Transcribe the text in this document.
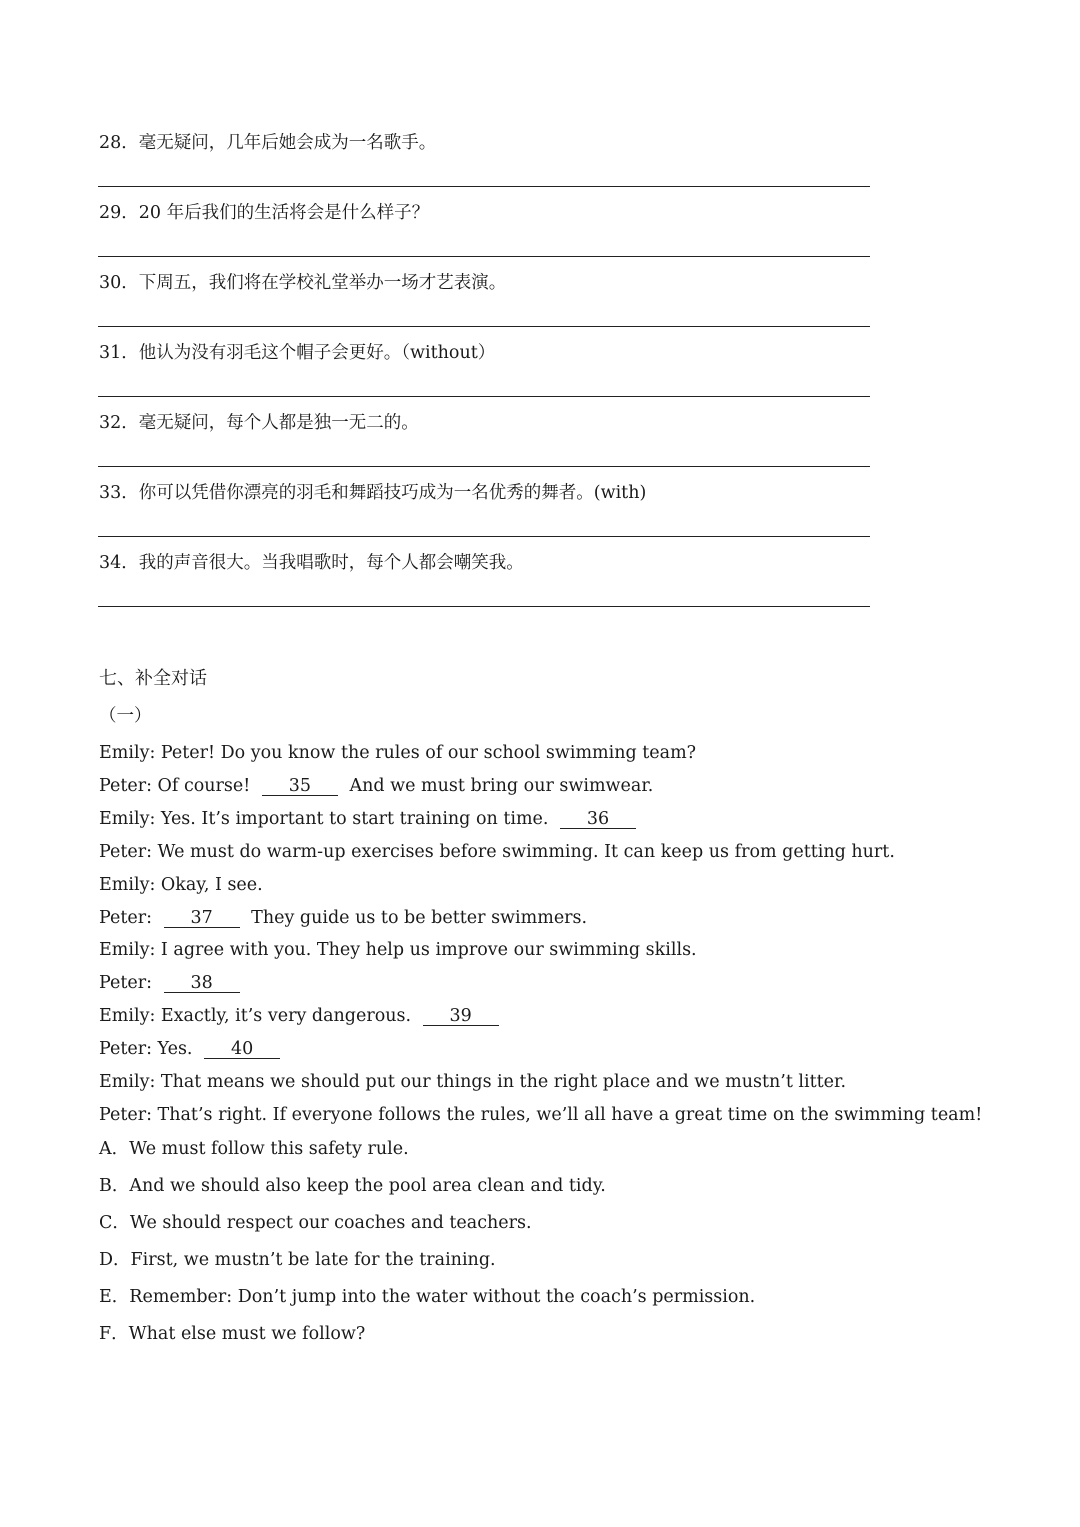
28．毫无疑问，几年后她会成为一名歌手。
29．20 年后我们的生活将会是什么样子？
30．下周五，我们将在学校礼堂举办一场才艺表演。
31．他认为没有羽毛这个帽子会更好。（without）
32．毫无疑问，每个人都是独一无二的。
33．你可以凭借你漂亮的羽毛和舞蹈技巧成为一名优秀的舞者。(with)
34．我的声音很大。当我唱歌时，每个人都会嘲笑我。
七、补全对话
（一）
Emily: Peter! Do you know the rules of our school swimming team?
Peter: Of course! 35 And we must bring our swimwear.
Emily: Yes. It’s important to start training on time. 36
Peter: We must do warm-up exercises before swimming. It can keep us from getting hurt.
Emily: Okay, I see.
Peter: 37 They guide us to be better swimmers.
Emily: I agree with you. They help us improve our swimming skills.
Peter: 38
Emily: Exactly, it’s very dangerous. 39
Peter: Yes. 40
Emily: That means we should put our things in the right place and we mustn’t litter.
Peter: That’s right. If everyone follows the rules, we’ll all have a great time on the swimming team!
A．We must follow this safety rule.
B．And we should also keep the pool area clean and tidy.
C．We should respect our coaches and teachers.
D．First, we mustn’t be late for the training.
E．Remember: Don’t jump into the water without the coach’s permission.
F．What else must we follow?
